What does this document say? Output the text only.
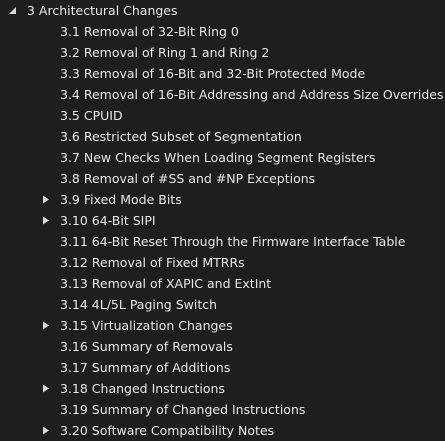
3 Architectural Changes
3.1 Removal of 32-Bit Ring 0
3.2 Removal of Ring 1 and Ring 2
3.3 Removal of 16-Bit and 32-Bit Protected Mode
3.4 Removal of 16-Bit Addressing and Address Size Overrides
3.5 CPUID
3.6 Restricted Subset of Segmentation
3.7 New Checks When Loading Segment Registers
3.8 Removal of #SS and #NP Exceptions
3.9 Fixed Mode Bits
3.10 64-Bit SIPI
3.11 64-Bit Reset Through the Firmware Interface Table
3.12 Removal of Fixed MTRRs
3.13 Removal of XAPIC and ExtInt
3.14 4L/5L Paging Switch
3.15 Virtualization Changes
3.16 Summary of Removals
3.17 Summary of Additions
3.18 Changed Instructions
3.19 Summary of Changed Instructions
3.20 Software Compatibility Notes
